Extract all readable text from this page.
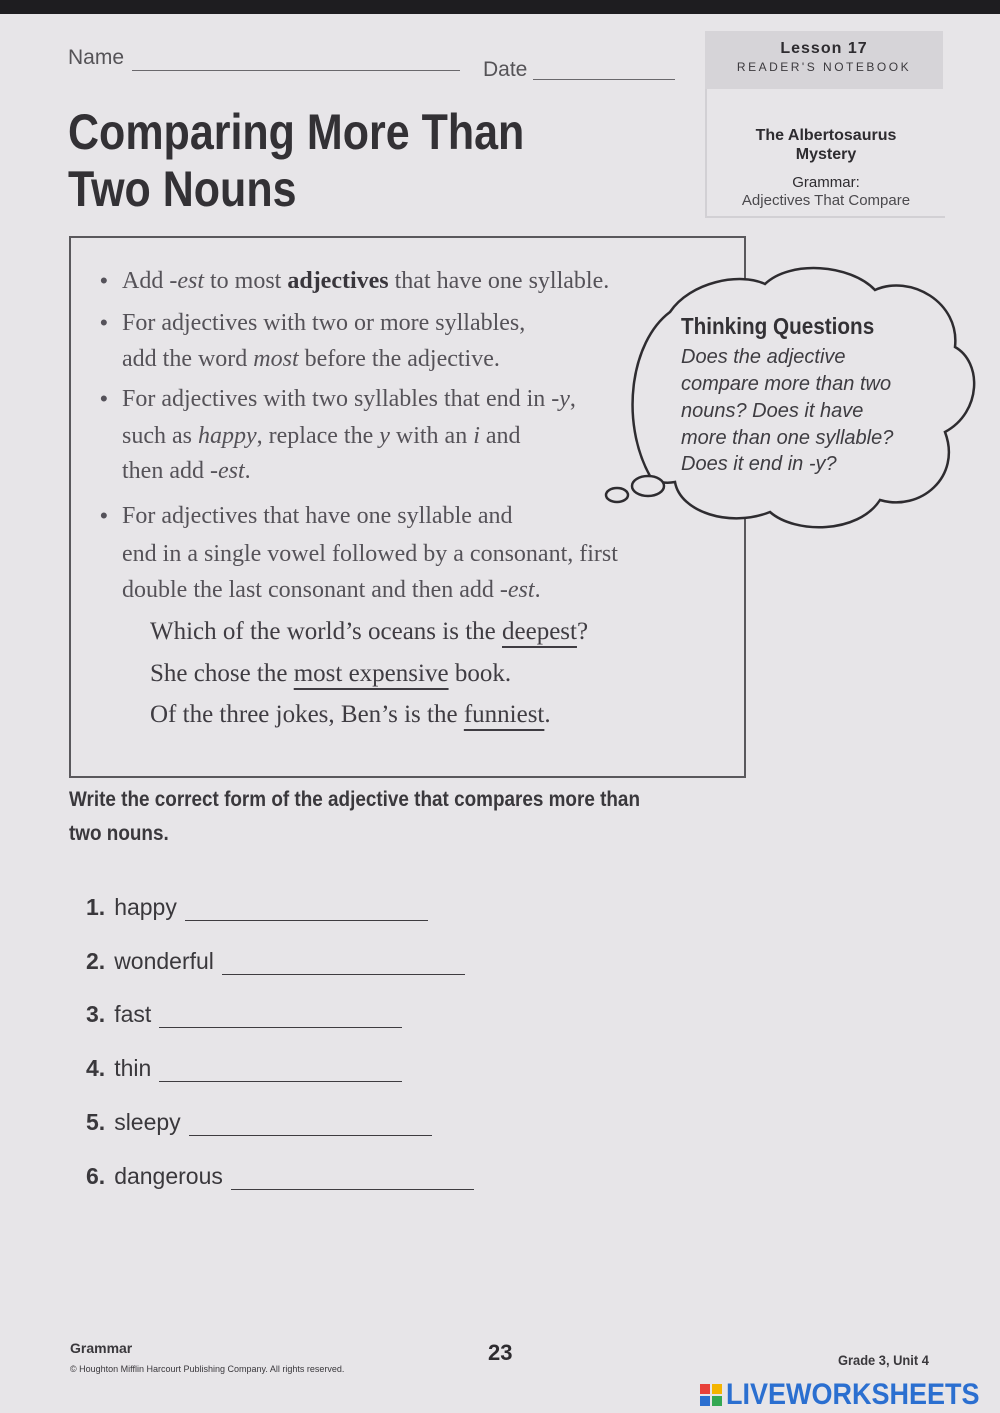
Name
Date
Lesson 17
READER'S NOTEBOOK
The Albertosaurus
Mystery
Grammar:
Adjectives That Compare
Comparing More Than
Two Nouns
Thinking Questions
Does the adjective
compare more than two
nouns? Does it have
more than one syllable?
Does it end in -y?
• Add -est to most adjectives that have one syllable.
• For adjectives with two or more syllables,
add the word most before the adjective.
• For adjectives with two syllables that end in -y,
such as happy, replace the y with an i and
then add -est.
• For adjectives that have one syllable and
end in a single vowel followed by a consonant, first
double the last consonant and then add -est.
Which of the world’s oceans is the deepest?
She chose the most expensive book.
Of the three jokes, Ben’s is the funniest.
Write the correct form of the adjective that compares more than
two nouns.
1. happy
2. wonderful
3. fast
4. thin
5. sleepy
6. dangerous
Grammar
© Houghton Mifflin Harcourt Publishing Company. All rights reserved.
23	Grade 3, Unit 4
LIVEWORKSHEETS
